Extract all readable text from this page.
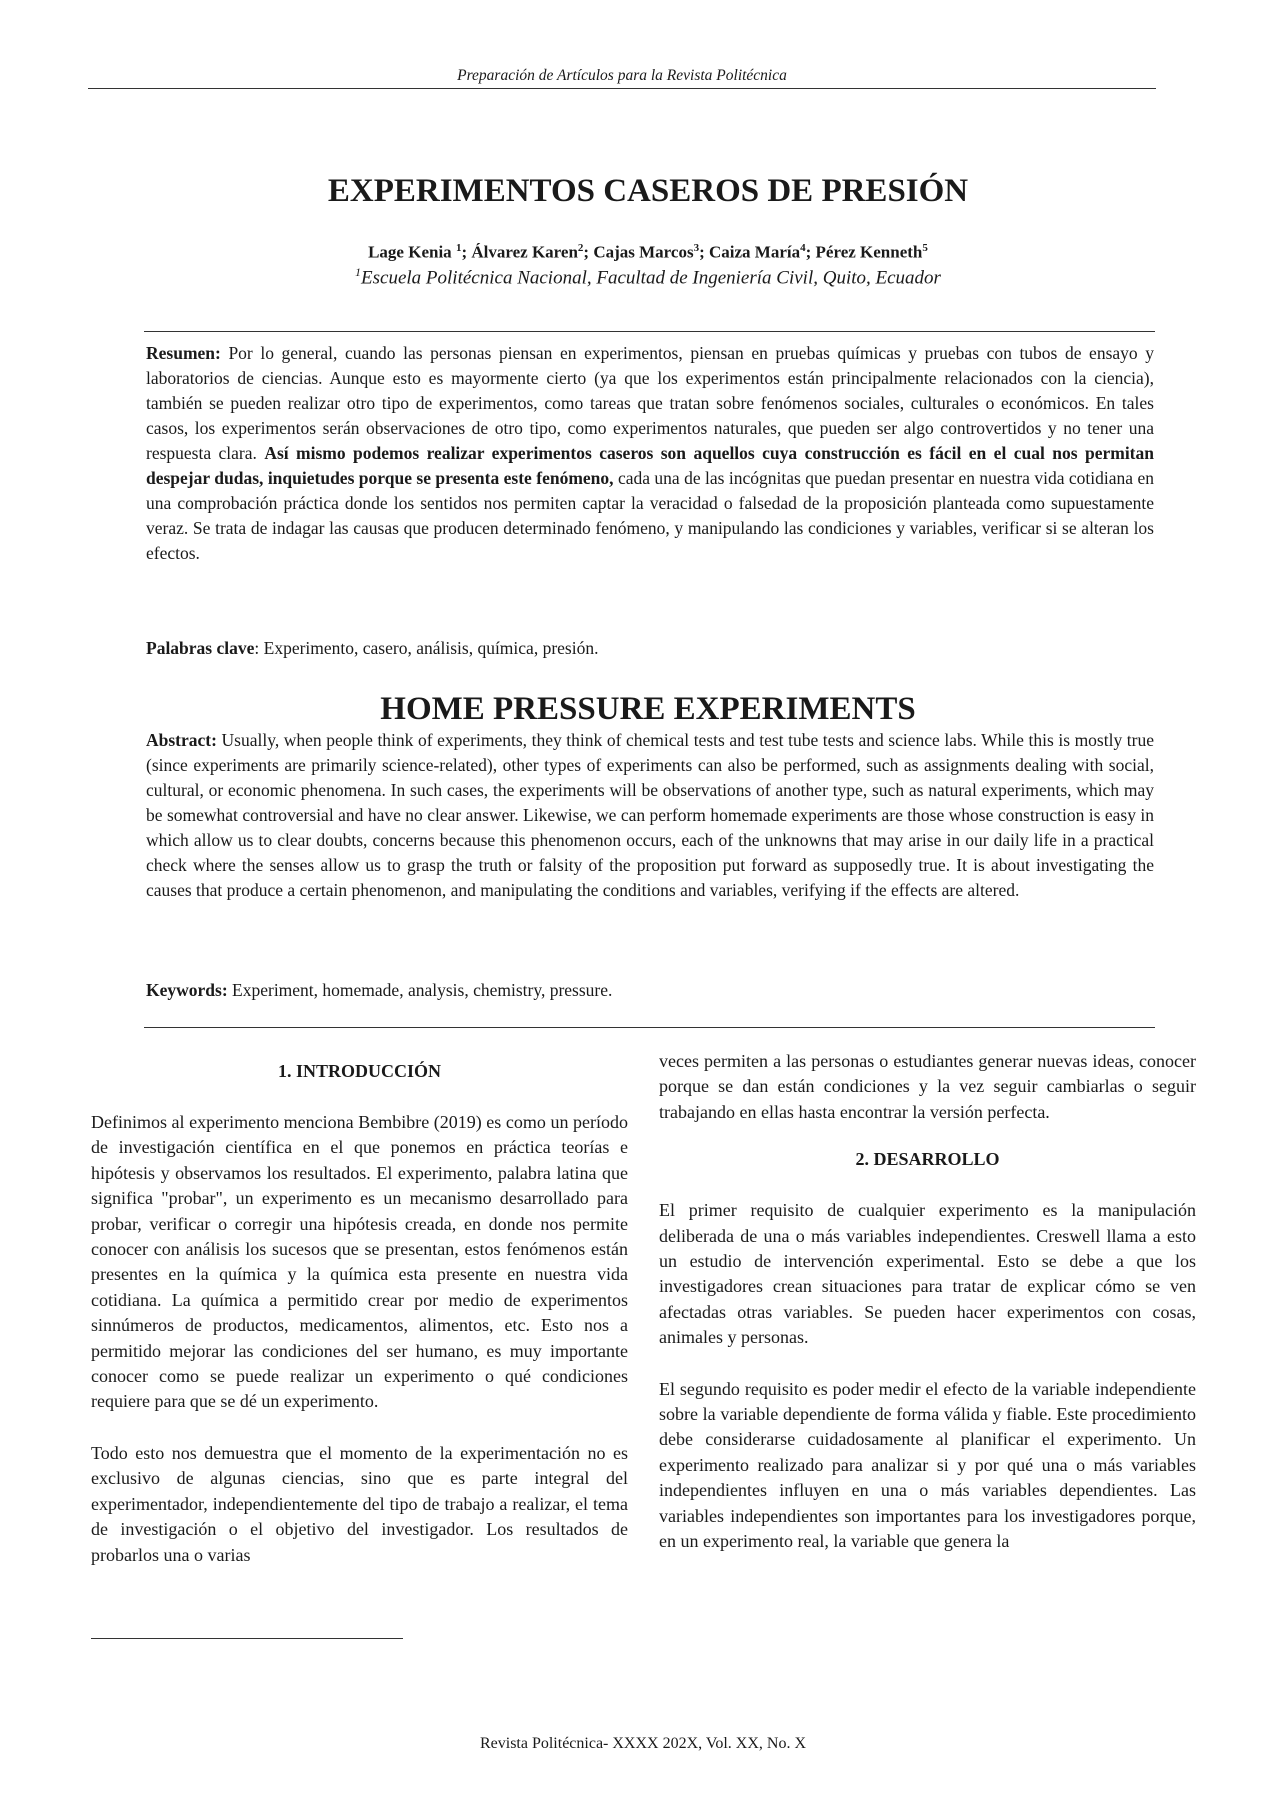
Preparación de Artículos para la Revista Politécnica
EXPERIMENTOS CASEROS DE PRESIÓN
Lage Kenia $^1$; Álvarez Karen$^2$; Cajas Marcos$^3$; Caiza María$^4$; Pérez Kenneth$^5$
$^1$Escuela Politécnica Nacional, Facultad de Ingeniería Civil, Quito, Ecuador

Resumen: Por lo general, cuando las personas piensan en experimentos, piensan en pruebas químicas y pruebas con tubos de ensayo y laboratorios de ciencias. Aunque esto es mayormente cierto (ya que los experimentos están principalmente relacionados con la ciencia), también se pueden realizar otro tipo de experimentos, como tareas que tratan sobre fenómenos sociales, culturales o económicos. En tales casos, los experimentos serán observaciones de otro tipo, como experimentos naturales, que pueden ser algo controvertidos y no tener una respuesta clara. Así mismo podemos realizar experimentos caseros son aquellos cuya construcción es fácil en el cual nos permitan despejar dudas, inquietudes porque se presenta este fenómeno, cada una de las incógnitas que puedan presentar en nuestra vida cotidiana en una comprobación práctica donde los sentidos nos permiten captar la veracidad o falsedad de la proposición planteada como supuestamente veraz. Se trata de indagar las causas que producen determinado fenómeno, y manipulando las condiciones y variables, verificar si se alteran los efectos.

Palabras clave: Experimento, casero, análisis, química, presión.

HOME PRESSURE EXPERIMENTS

Abstract: Usually, when people think of experiments, they think of chemical tests and test tube tests and science labs. While this is mostly true (since experiments are primarily science-related), other types of experiments can also be performed, such as assignments dealing with social, cultural, or economic phenomena. In such cases, the experiments will be observations of another type, such as natural experiments, which may be somewhat controversial and have no clear answer. Likewise, we can perform homemade experiments are those whose construction is easy in which allow us to clear doubts, concerns because this phenomenon occurs, each of the unknowns that may arise in our daily life in a practical check where the senses allow us to grasp the truth or falsity of the proposition put forward as supposedly true. It is about investigating the causes that produce a certain phenomenon, and manipulating the conditions and variables, verifying if the effects are altered.

Keywords: Experiment, homemade, analysis, chemistry, pressure.

1. INTRODUCCIÓN

Definimos al experimento menciona Bembibre (2019) es como un período de investigación científica en el que ponemos en práctica teorías e hipótesis y observamos los resultados. El experimento, palabra latina que significa "probar", un experimento es un mecanismo desarrollado para probar, verificar o corregir una hipótesis creada, en donde nos permite conocer con análisis los sucesos que se presentan, estos fenómenos están presentes en la química y la química esta presente en nuestra vida cotidiana. La química a permitido crear por medio de experimentos sinnúmeros de productos, medicamentos, alimentos, etc. Esto nos a permitido mejorar las condiciones del ser humano, es muy importante conocer como se puede realizar un experimento o qué condiciones requiere para que se dé un experimento.

Todo esto nos demuestra que el momento de la experimentación no es exclusivo de algunas ciencias, sino que es parte integral del experimentador, independientemente del tipo de trabajo a realizar, el tema de investigación o el objetivo del investigador. Los resultados de probarlos una o varias

veces permiten a las personas o estudiantes generar nuevas ideas, conocer porque se dan están condiciones y la vez seguir cambiarlas o seguir trabajando en ellas hasta encontrar la versión perfecta.

2. DESARROLLO

El primer requisito de cualquier experimento es la manipulación deliberada de una o más variables independientes. Creswell llama a esto un estudio de intervención experimental. Esto se debe a que los investigadores crean situaciones para tratar de explicar cómo se ven afectadas otras variables. Se pueden hacer experimentos con cosas, animales y personas.

El segundo requisito es poder medir el efecto de la variable independiente sobre la variable dependiente de forma válida y fiable. Este procedimiento debe considerarse cuidadosamente al planificar el experimento. Un experimento realizado para analizar si y por qué una o más variables independientes influyen en una o más variables dependientes. Las variables independientes son importantes para los investigadores porque, en un experimento real, la variable que genera la

Revista Politécnica- XXXX 202X, Vol. XX, No. X
